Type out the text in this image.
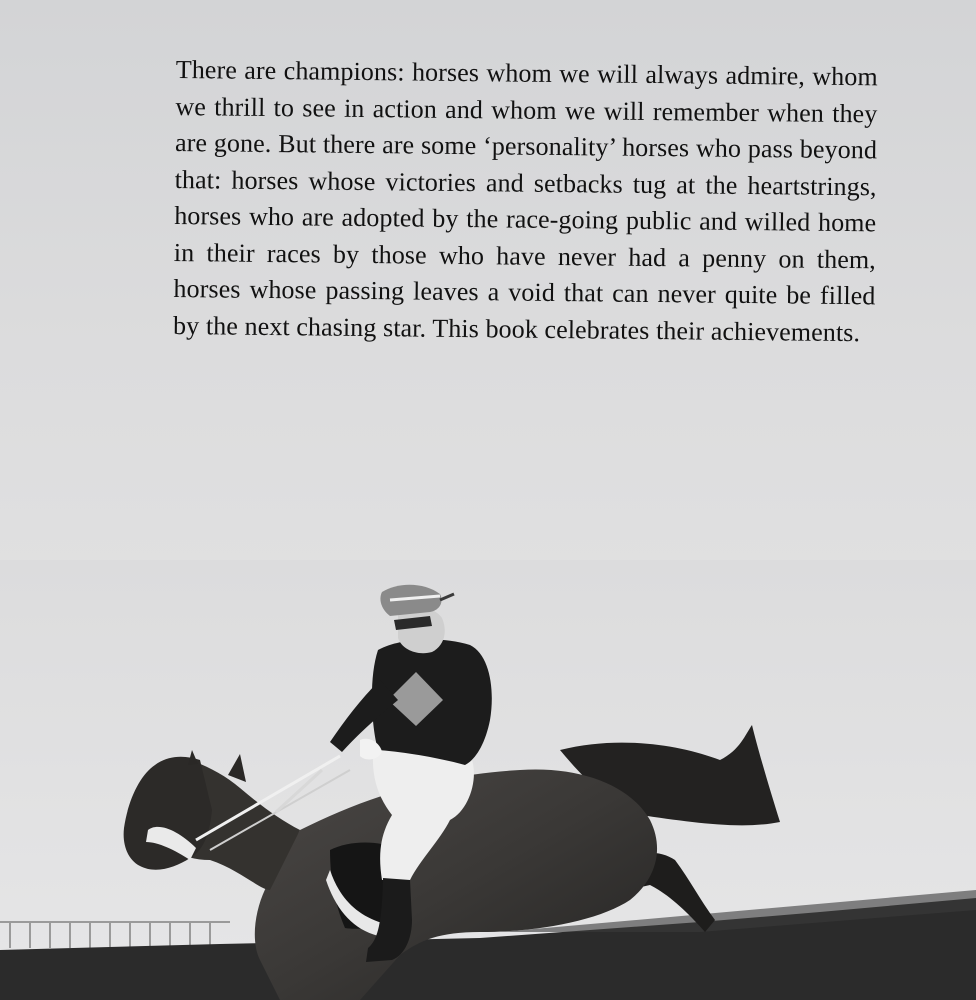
There are champions: horses whom we will always admire, whom we thrill to see in action and whom we will remember when they are gone. But there are some ‘personality’ horses who pass beyond that: horses whose victories and setbacks tug at the heartstrings, horses who are adopted by the race-going public and willed home in their races by those who have never had a penny on them, horses whose passing leaves a void that can never quite be filled by the next chasing star. This book celebrates their achievements.
